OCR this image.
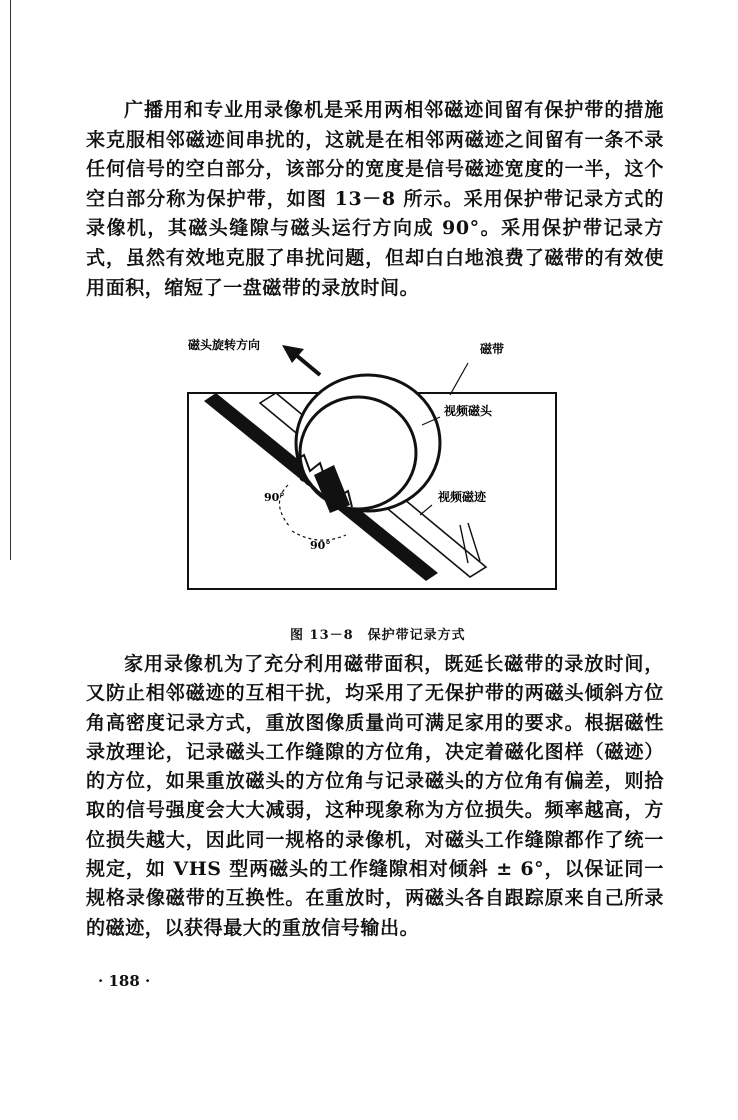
广播用和专业用录像机是采用两相邻磁迹间留有保护带的措施来克服相邻磁迹间串扰的，这就是在相邻两磁迹之间留有一条不录任何信号的空白部分，该部分的宽度是信号磁迹宽度的一半，这个空白部分称为保护带，如图 13－8 所示。采用保护带记录方式的录像机，其磁头缝隙与磁头运行方向成 90°。采用保护带记录方式，虽然有效地克服了串扰问题，但却白白地浪费了磁带的有效使用面积，缩短了一盘磁带的录放时间。

磁头旋转方向	磁带
视频磁头
视频磁迹
90°
90°
图 13－8　保护带记录方式

家用录像机为了充分利用磁带面积，既延长磁带的录放时间，又防止相邻磁迹的互相干扰，均采用了无保护带的两磁头倾斜方位角高密度记录方式，重放图像质量尚可满足家用的要求。根据磁性录放理论，记录磁头工作缝隙的方位角，决定着磁化图样（磁迹）的方位，如果重放磁头的方位角与记录磁头的方位角有偏差，则拾取的信号强度会大大减弱，这种现象称为方位损失。频率越高，方位损失越大，因此同一规格的录像机，对磁头工作缝隙都作了统一规定，如 VHS 型两磁头的工作缝隙相对倾斜 ± 6°，以保证同一规格录像磁带的互换性。在重放时，两磁头各自跟踪原来自己所录的磁迹，以获得最大的重放信号输出。

· 188 ·
